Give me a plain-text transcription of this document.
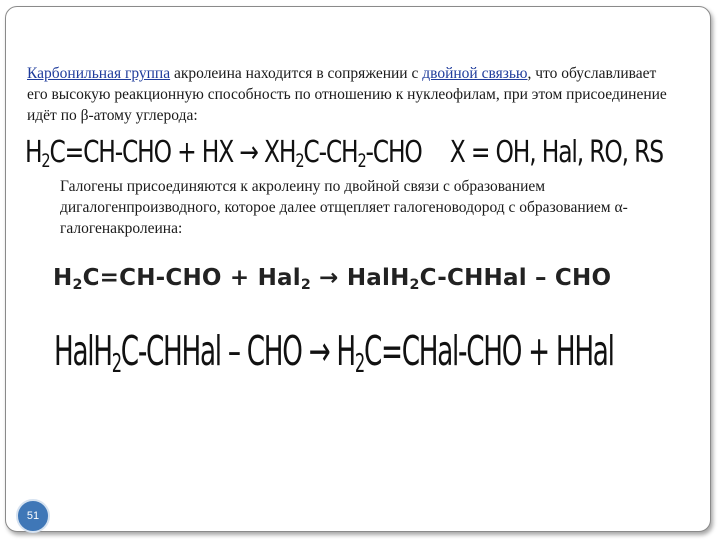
Карбонильная группа акролеина находится в сопряжении с двойной связью, что обуславливает его высокую реакционную способность по отношению к нуклеофилам, при этом присоединение идёт по β-атому углерода:
$H_2C=CH$-CHO + HX → $XH_2C-CH_2$-CHO X = OH, Hal, RO, RS
Галогены присоединяются к акролеину по двойной связи с образованием дигалогенпроизводного, которое далее отщепляет галогеноводород с образованием α-галогенакролеина:
$H_2C=CH$-CHO + Hal$_2$ → HalH$_2$C-CHHal – CHO
HalH$_2$C-CHHal – CHO → $H_2C=CHal$-CHO + HHal
51
